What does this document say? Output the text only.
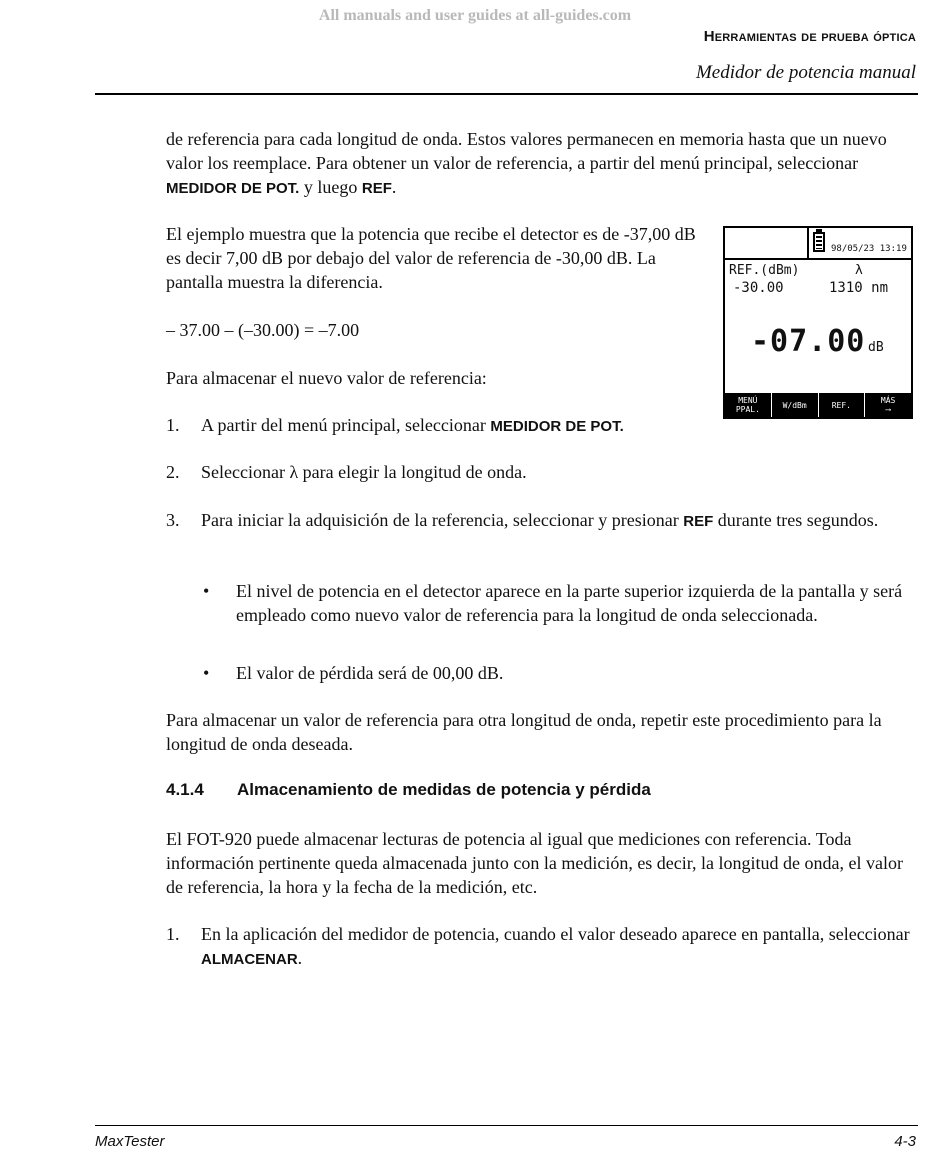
All manuals and user guides at all-guides.com
Herramientas de prueba óptica
Medidor de potencia manual

de referencia para cada longitud de onda. Estos valores permanecen en memoria hasta que un nuevo valor los reemplace. Para obtener un valor de referencia, a partir del menú principal, seleccionar MEDIDOR DE POT. y luego REF.

El ejemplo muestra que la potencia que recibe el detector es de -37,00 dB es decir 7,00 dB por debajo del valor de referencia de -30,00 dB. La pantalla muestra la diferencia.

– 37.00 – (–30.00) = –7.00
Para almacenar el nuevo valor de referencia:
1. A partir del menú principal, seleccionar MEDIDOR DE POT.
2. Seleccionar λ para elegir la longitud de onda.
3. Para iniciar la adquisición de la referencia, seleccionar y presionar REF durante tres segundos.
• El nivel de potencia en el detector aparece en la parte superior izquierda de la pantalla y será empleado como nuevo valor de referencia para la longitud de onda seleccionada.
• El valor de pérdida será de 00,00 dB.

Para almacenar un valor de referencia para otra longitud de onda, repetir este procedimiento para la longitud de onda deseada.

4.1.4 Almacenamiento de medidas de potencia y pérdida

El FOT-920 puede almacenar lecturas de potencia al igual que mediciones con referencia. Toda información pertinente queda almacenada junto con la medición, es decir, la longitud de onda, el valor de referencia, la hora y la fecha de la medición, etc.

1. En la aplicación del medidor de potencia, cuando el valor deseado aparece en pantalla, seleccionar ALMACENAR.
98/05/23 13:19
REF.(dBm)	λ
-30.00	1310 nm
-07.00 dB
MENÚ
PPAL.	W/dBm	REF.	MÁS
⟶
MaxTester	4-3
